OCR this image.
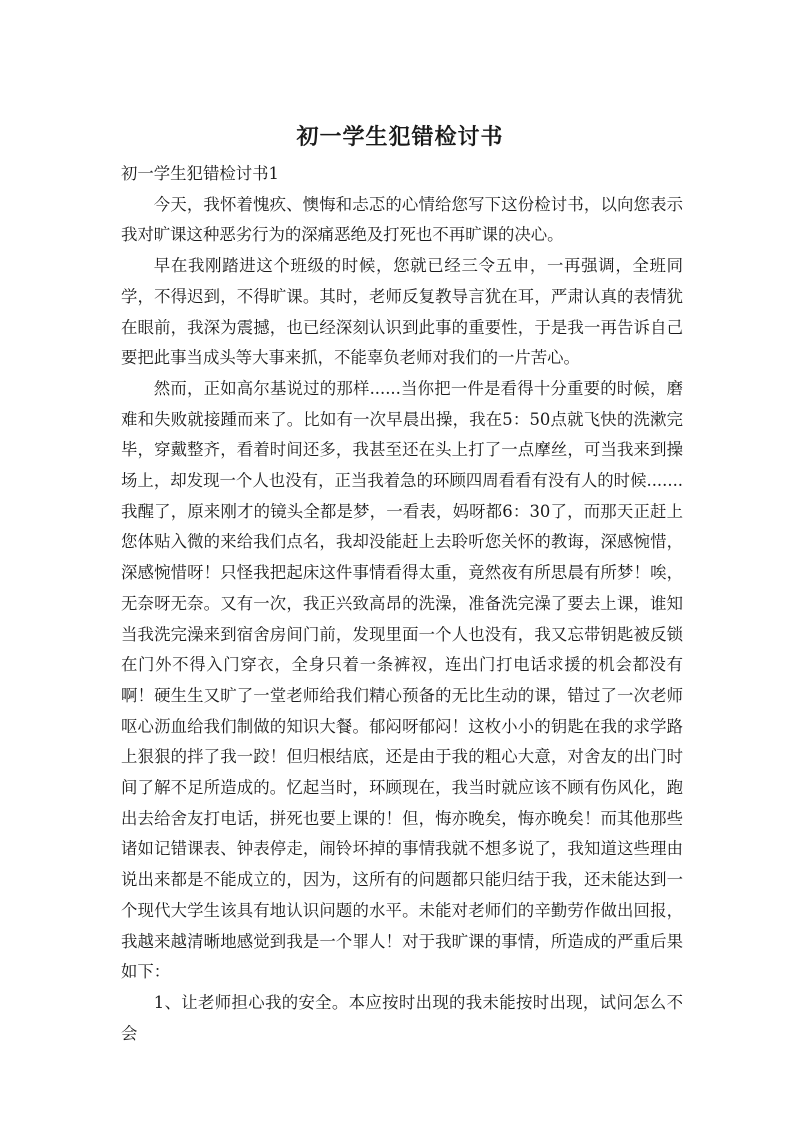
初一学生犯错检讨书

初一学生犯错检讨书1

今天，我怀着愧疚、懊悔和忐忑的心情给您写下这份检讨书，以向您表示我对旷课这种恶劣行为的深痛恶绝及打死也不再旷课的决心。

早在我刚踏进这个班级的时候，您就已经三令五申，一再强调，全班同学，不得迟到，不得旷课。其时，老师反复教导言犹在耳，严肃认真的表情犹在眼前，我深为震撼，也已经深刻认识到此事的重要性，于是我一再告诉自己要把此事当成头等大事来抓，不能辜负老师对我们的一片苦心。

然而，正如高尔基说过的那样......当你把一件是看得十分重要的时候，磨难和失败就接踵而来了。比如有一次早晨出操，我在5：50点就飞快的洗漱完毕，穿戴整齐，看着时间还多，我甚至还在头上打了一点摩丝，可当我来到操场上，却发现一个人也没有，正当我着急的环顾四周看看有没有人的时候.......我醒了，原来刚才的镜头全都是梦，一看表，妈呀都6：30了，而那天正赶上您体贴入微的来给我们点名，我却没能赶上去聆听您关怀的教诲，深感惋惜，深感惋惜呀！只怪我把起床这件事情看得太重，竟然夜有所思晨有所梦！唉，无奈呀无奈。又有一次，我正兴致高昂的洗澡，准备洗完澡了要去上课，谁知当我洗完澡来到宿舍房间门前，发现里面一个人也没有，我又忘带钥匙被反锁在门外不得入门穿衣，全身只着一条裤衩，连出门打电话求援的机会都没有啊！硬生生又旷了一堂老师给我们精心预备的无比生动的课，错过了一次老师呕心沥血给我们制做的知识大餐。郁闷呀郁闷！这枚小小的钥匙在我的求学路上狠狠的拌了我一跤！但归根结底，还是由于我的粗心大意，对舍友的出门时间了解不足所造成的。忆起当时，环顾现在，我当时就应该不顾有伤风化，跑出去给舍友打电话，拼死也要上课的！但，悔亦晚矣，悔亦晚矣！而其他那些诸如记错课表、钟表停走，闹铃坏掉的事情我就不想多说了，我知道这些理由说出来都是不能成立的，因为，这所有的问题都只能归结于我，还未能达到一个现代大学生该具有地认识问题的水平。未能对老师们的辛勤劳作做出回报，我越来越清晰地感觉到我是一个罪人！对于我旷课的事情，所造成的严重后果如下：

1、让老师担心我的安全。本应按时出现的我未能按时出现，试问怎么不会
